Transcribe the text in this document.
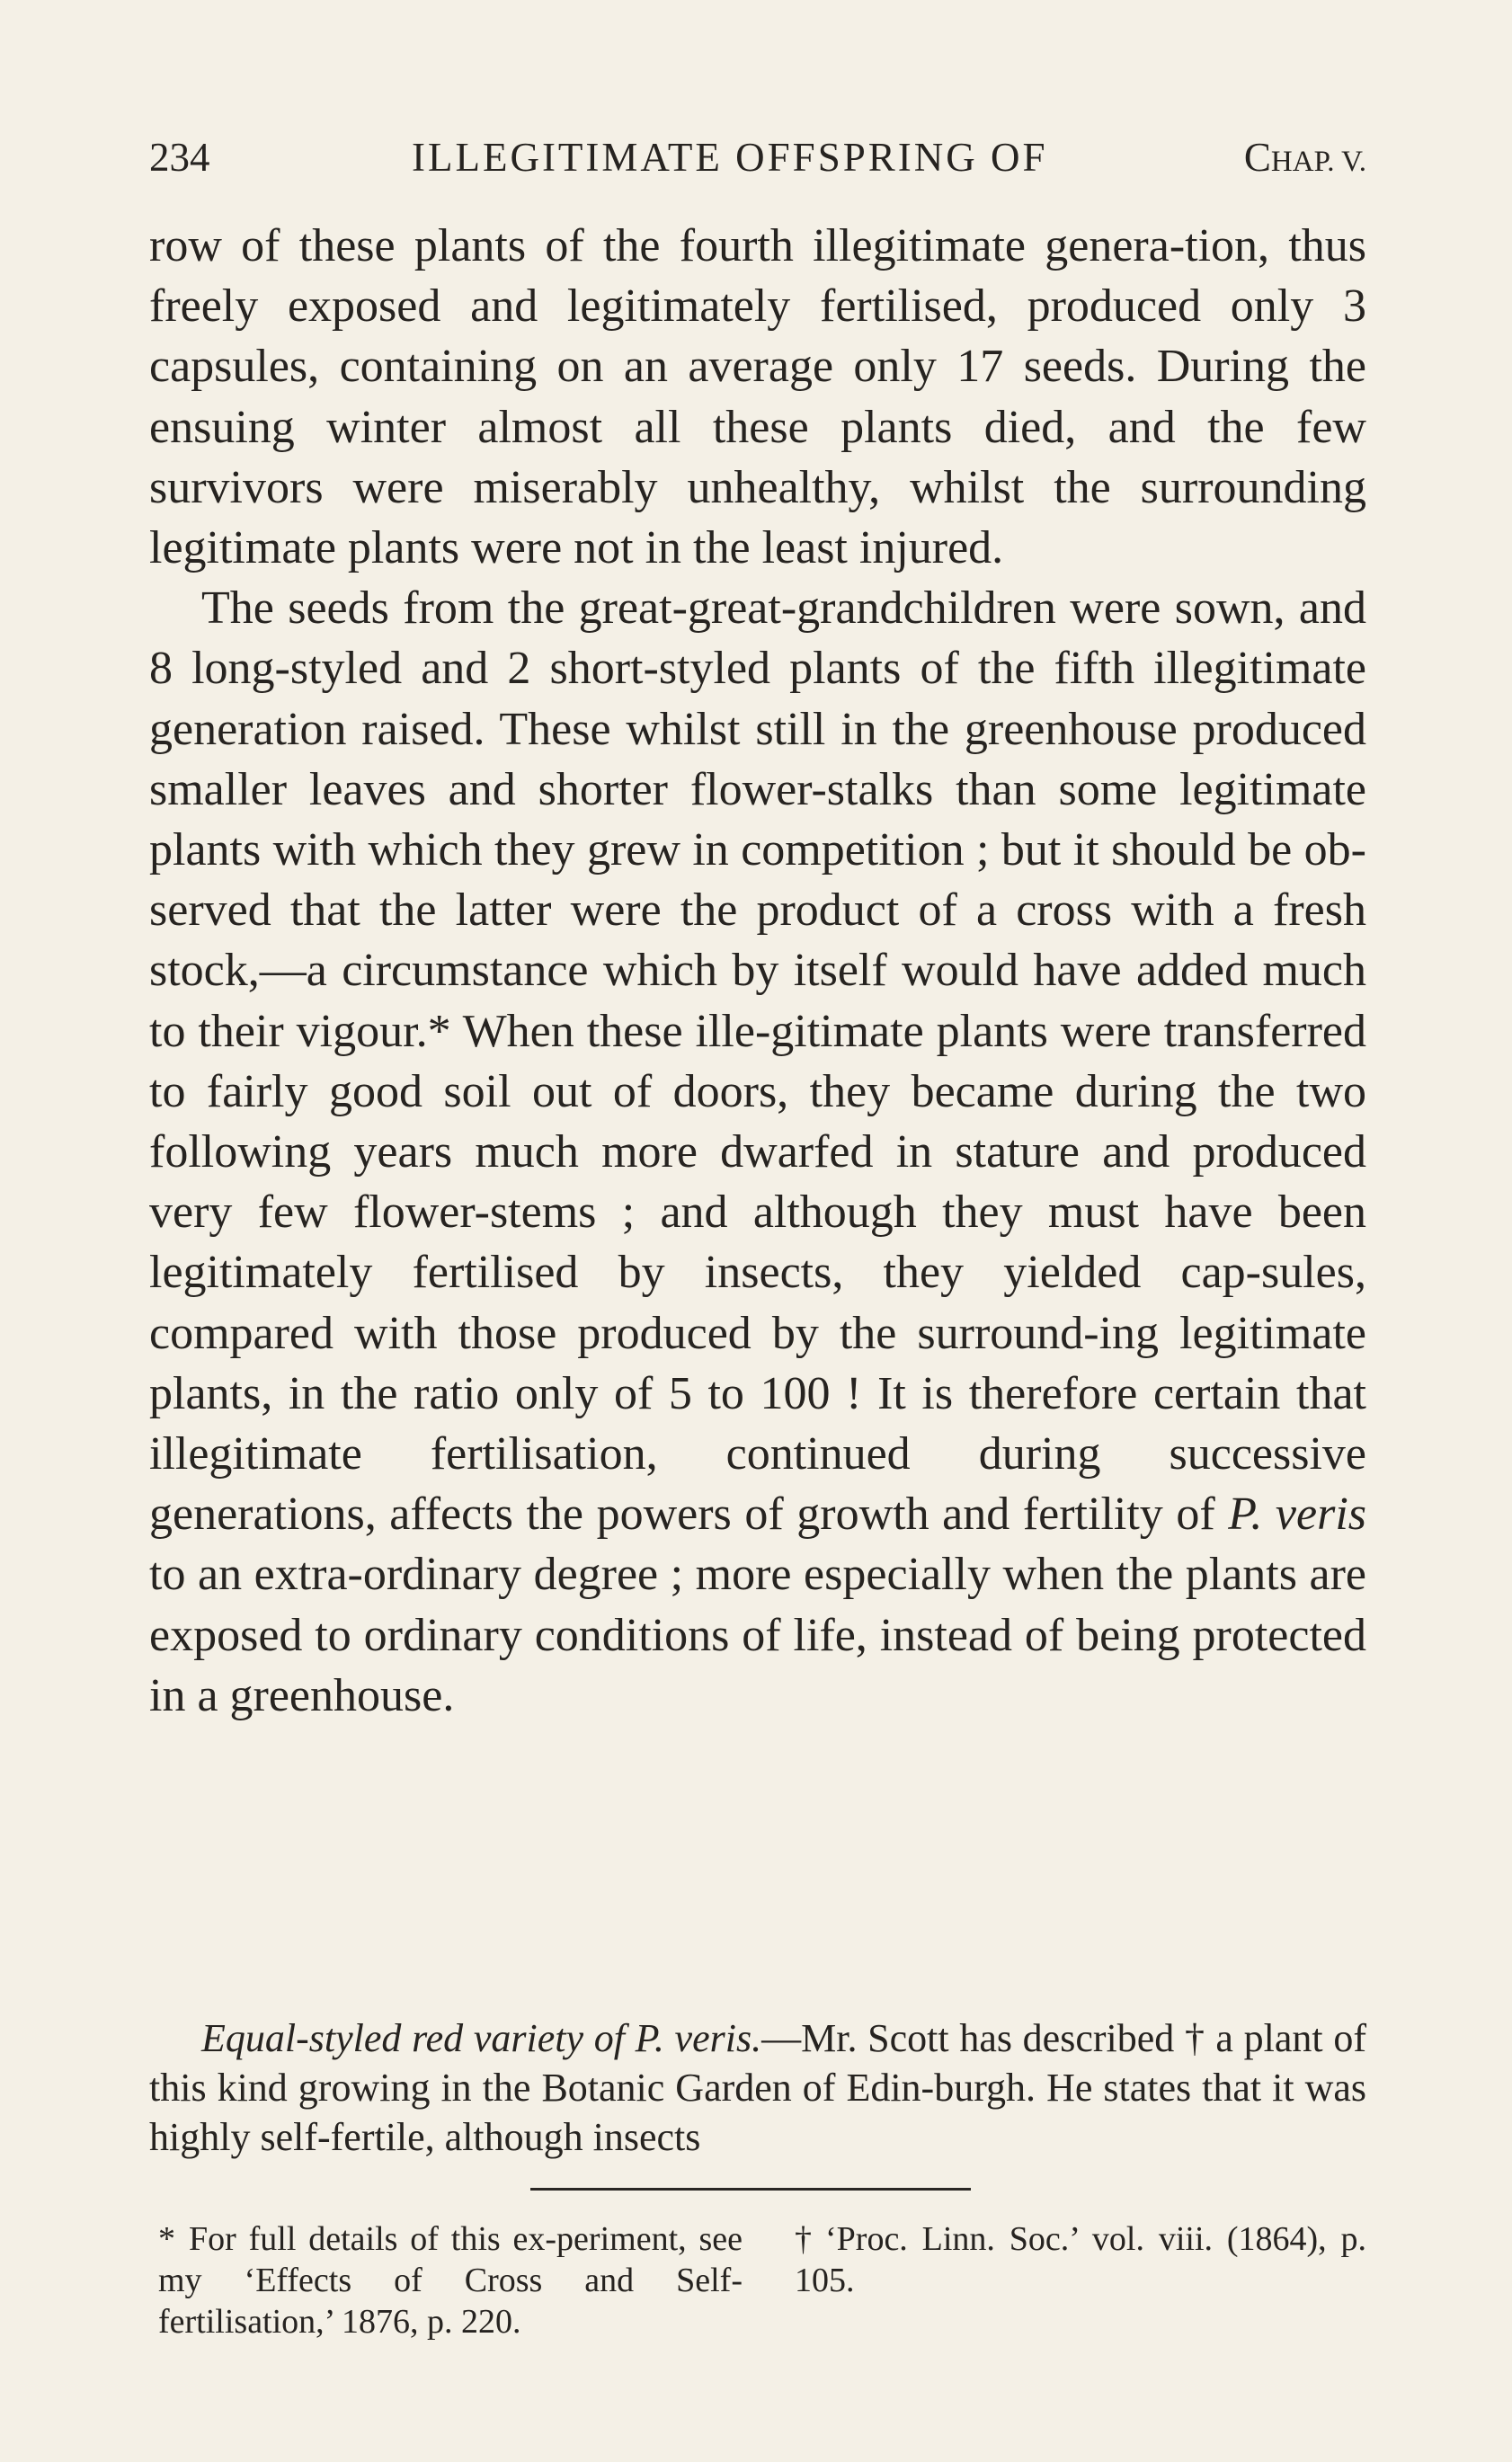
234	ILLEGITIMATE OFFSPRING OF	CHAP. V.

row of these plants of the fourth illegitimate genera-tion, thus freely exposed and legitimately fertilised, produced only 3 capsules, containing on an average only 17 seeds. During the ensuing winter almost all these plants died, and the few survivors were miserably unhealthy, whilst the surrounding legitimate plants were not in the least injured.

The seeds from the great-great-grandchildren were sown, and 8 long-styled and 2 short-styled plants of the fifth illegitimate generation raised. These whilst still in the greenhouse produced smaller leaves and shorter flower-stalks than some legitimate plants with which they grew in competition ; but it should be ob-served that the latter were the product of a cross with a fresh stock,—a circumstance which by itself would have added much to their vigour.* When these ille-gitimate plants were transferred to fairly good soil out of doors, they became during the two following years much more dwarfed in stature and produced very few flower-stems ; and although they must have been legitimately fertilised by insects, they yielded cap-sules, compared with those produced by the surround-ing legitimate plants, in the ratio only of 5 to 100 ! It is therefore certain that illegitimate fertilisation, continued during successive generations, affects the powers of growth and fertility of P. veris to an extra-ordinary degree ; more especially when the plants are exposed to ordinary conditions of life, instead of being protected in a greenhouse.

Equal-styled red variety of P. veris.—Mr. Scott has described † a plant of this kind growing in the Botanic Garden of Edin-burgh. He states that it was highly self-fertile, although insects
* For full details of this ex-periment, see my ‘Effects of Cross and Self-fertilisation,’ 1876, p. 220.
† ‘Proc. Linn. Soc.’ vol. viii. (1864), p. 105.
